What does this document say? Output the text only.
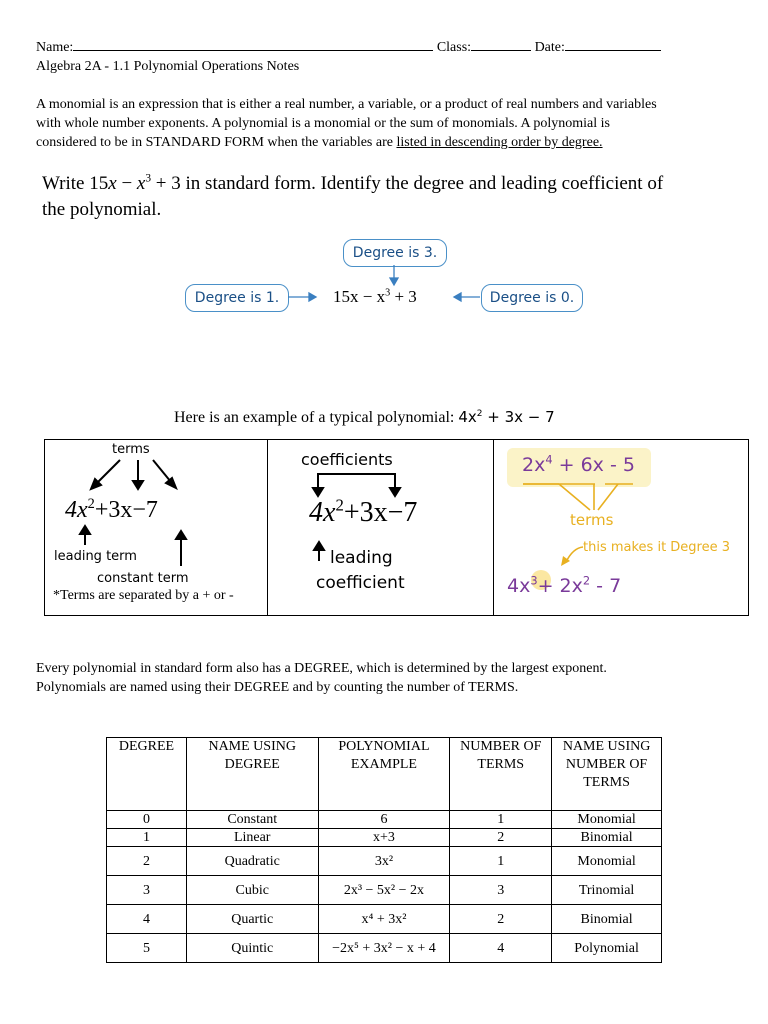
Name:	Class:	Date:
Algebra 2A - 1.1 Polynomial Operations Notes
A monomial is an expression that is either a real number, a variable, or a product of real numbers and variables
with whole number exponents. A polynomial is a monomial or the sum of monomials. A polynomial is
considered to be in STANDARD FORM when the variables are listed in descending order by degree.
Write $15x - x^3 + 3$ in standard form. Identify the degree and leading coefficient of
the polynomial.
Degree is 3.
Degree is 1.	Degree is 0.
$15x - x^3 + 3$
Here is an example of a typical polynomial: $4x^2 + 3x - 7$
terms
$4x^2+3x-7$
leading term
constant term
*Terms are separated by a + or -
coefficients
$4x^2+3x-7$
leading
coefficient
$2x^4 + 6x - 5$
terms
this makes it Degree 3
$4x^3+ 2x^2 - 7$
Every polynomial in standard form also has a DEGREE, which is determined by the largest exponent.
Polynomials are named using their DEGREE and by counting the number of TERMS.
DEGREE	NAME USING DEGREE	POLYNOMIAL EXAMPLE	NUMBER OF TERMS	NAME USING NUMBER OF TERMS
0	Constant	6	1	Monomial
1	Linear	x+3	2	Binomial
2	Quadratic	3x²	1	Monomial
3	Cubic	2x³ − 5x² − 2x	3	Trinomial
4	Quartic	x⁴ + 3x²	2	Binomial
5	Quintic	−2x⁵ + 3x² − x + 4	4	Polynomial
